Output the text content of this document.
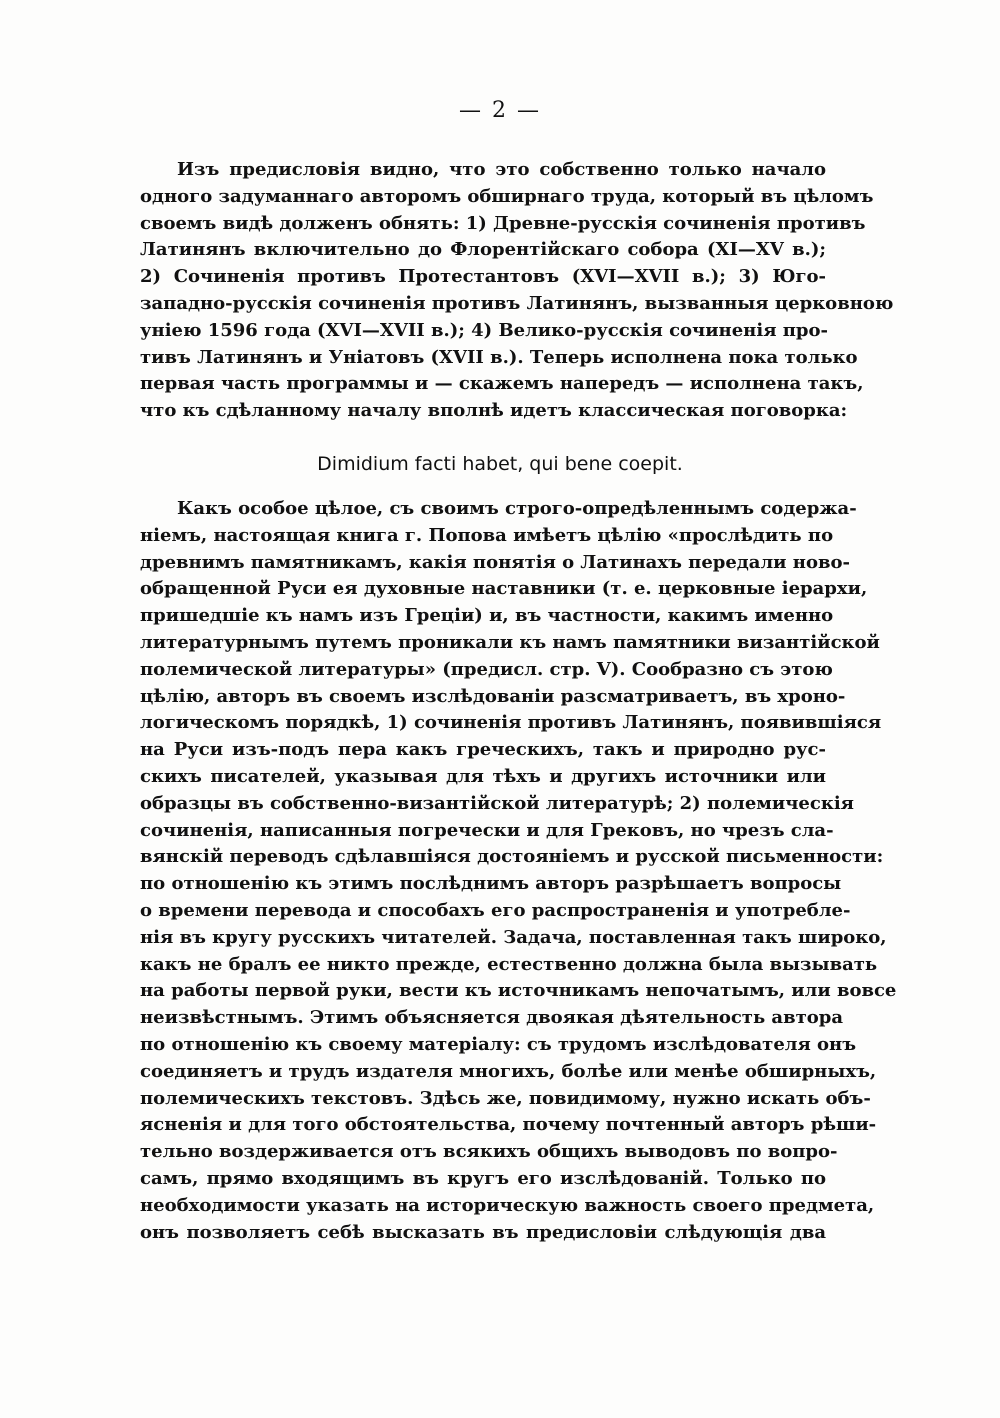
— 2 —
Изъ предисловія видно, что это собственно только начало
одного задуманнаго авторомъ обширнаго труда, который въ цѣломъ
своемъ видѣ долженъ обнять: 1) Древне-русскія сочиненія противъ
Латинянъ включительно до Флорентійскаго собора (XI—XV в.);
2) Сочиненія противъ Протестантовъ (XVI—XVII в.); 3) Юго-
западно-русскія сочиненія противъ Латинянъ, вызванныя церковною
уніею 1596 года (XVI—XVII в.); 4) Велико-русскія сочиненія про-
тивъ Латинянъ и Уніатовъ (XVII в.). Теперь исполнена пока только
первая часть программы и — скажемъ напередъ — исполнена такъ,
что къ сдѣланному началу вполнѣ идетъ классическая поговорка:
Dimidium facti habet, qui bene coepit.
Какъ особое цѣлое, съ своимъ строго-опредѣленнымъ содержа-
ніемъ, настоящая книга г. Попова имѣетъ цѣлію «прослѣдить по
древнимъ памятникамъ, какія понятія о Латинахъ передали ново-
обращенной Руси ея духовные наставники (т. е. церковные іерархи,
пришедшіе къ намъ изъ Греціи) и, въ частности, какимъ именно
литературнымъ путемъ проникали къ намъ памятники византійской
полемической литературы» (предисл. стр. V). Сообразно съ этою
цѣлію, авторъ въ своемъ изслѣдованіи разсматриваетъ, въ хроно-
логическомъ порядкѣ, 1) сочиненія противъ Латинянъ, появившіяся
на Руси изъ-подъ пера какъ греческихъ, такъ и природно рус-
скихъ писателей, указывая для тѣхъ и другихъ источники или
образцы въ собственно-византійской литературѣ; 2) полемическія
сочиненія, написанныя погречески и для Грековъ, но чрезъ сла-
вянскій переводъ сдѣлавшіяся достояніемъ и русской письменности:
по отношенію къ этимъ послѣднимъ авторъ разрѣшаетъ вопросы
о времени перевода и способахъ его распространенія и употребле-
нія въ кругу русскихъ читателей. Задача, поставленная такъ широко,
какъ не бралъ ее никто прежде, естественно должна была вызывать
на работы первой руки, вести къ источникамъ непочатымъ, или вовсе
неизвѣстнымъ. Этимъ объясняется двоякая дѣятельность автора
по отношенію къ своему матеріалу: съ трудомъ изслѣдователя онъ
соединяетъ и трудъ издателя многихъ, болѣе или менѣе обширныхъ,
полемическихъ текстовъ. Здѣсь же, повидимому, нужно искать объ-
ясненія и для того обстоятельства, почему почтенный авторъ рѣши-
тельно воздерживается отъ всякихъ общихъ выводовъ по вопро-
самъ, прямо входящимъ въ кругъ его изслѣдованій. Только по
необходимости указать на историческую важность своего предмета,
онъ позволяетъ себѣ высказать въ предисловіи слѣдующія два
